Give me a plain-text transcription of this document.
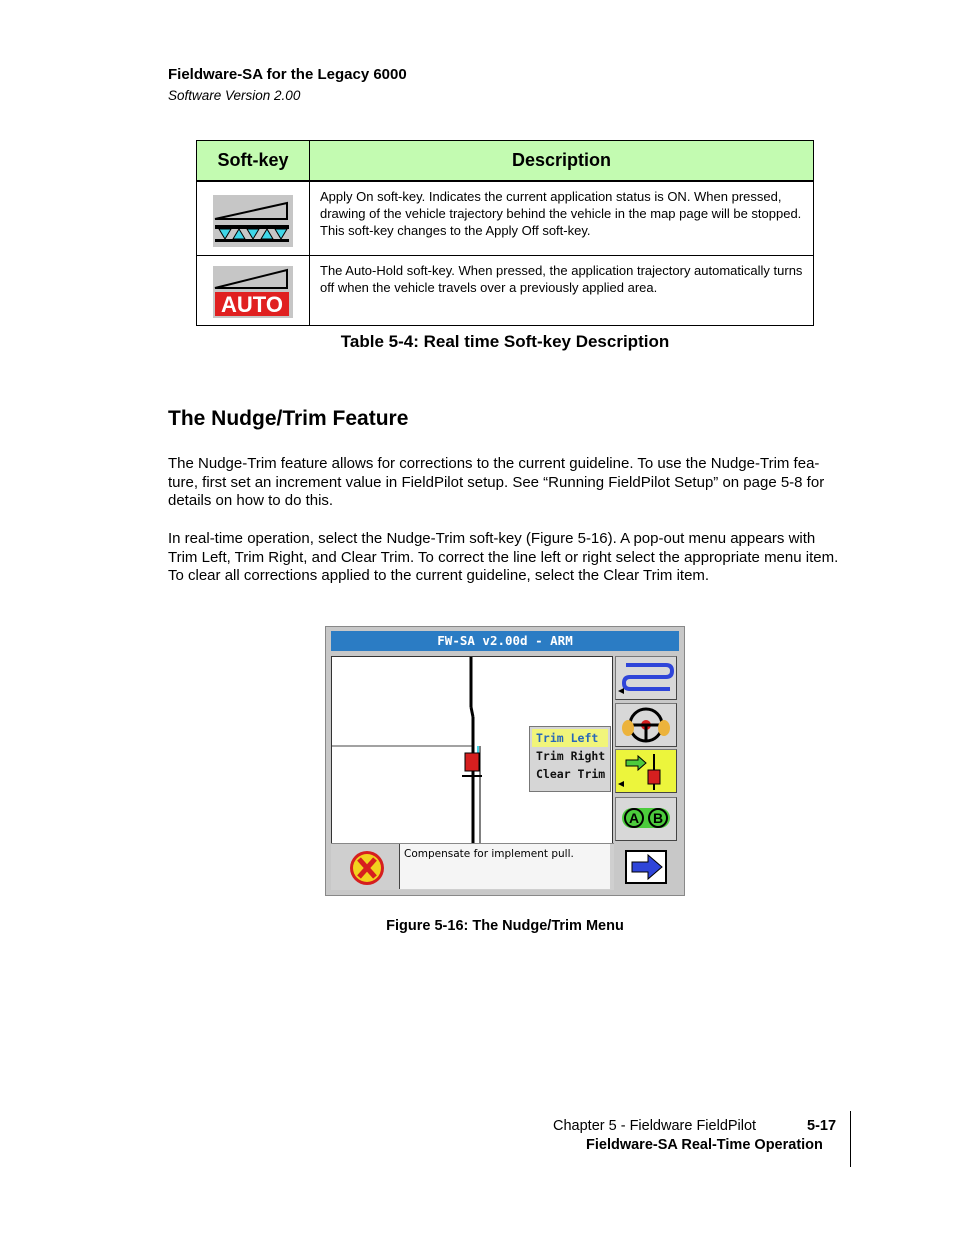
Fieldware-SA for the Legacy 6000
Software Version 2.00
Soft-key	Description
	Apply On soft-key. Indicates the current application status is ON. When pressed, drawing of the vehicle trajectory behind the vehicle in the map page will be stopped. This soft-key changes to the Apply Off soft-key.

AUTO	The Auto-Hold soft-key. When pressed, the application trajectory automatically turns off when the vehicle travels over a previously applied area.
Table 5-4: Real time Soft-key Description
The Nudge/Trim Feature
The Nudge-Trim feature allows for corrections to the current guideline. To use the Nudge-Trim fea-ture, first set an increment value in FieldPilot setup. See “Running FieldPilot Setup” on page 5-8 for details on how to do this.
In real-time operation, select the Nudge-Trim soft-key (Figure 5-16). A pop-out menu appears with Trim Left, Trim Right, and Clear Trim. To correct the line left or right select the appropriate menu item. To clear all corrections applied to the current guideline, select the Clear Trim item.
FW-SA v2.00d - ARM
Trim Left
Trim Right
Clear Trim
A B
Compensate for implement pull.
Figure 5-16: The Nudge/Trim Menu
Chapter 5 - Fieldware FieldPilot	5-17
Fieldware-SA Real-Time Operation
